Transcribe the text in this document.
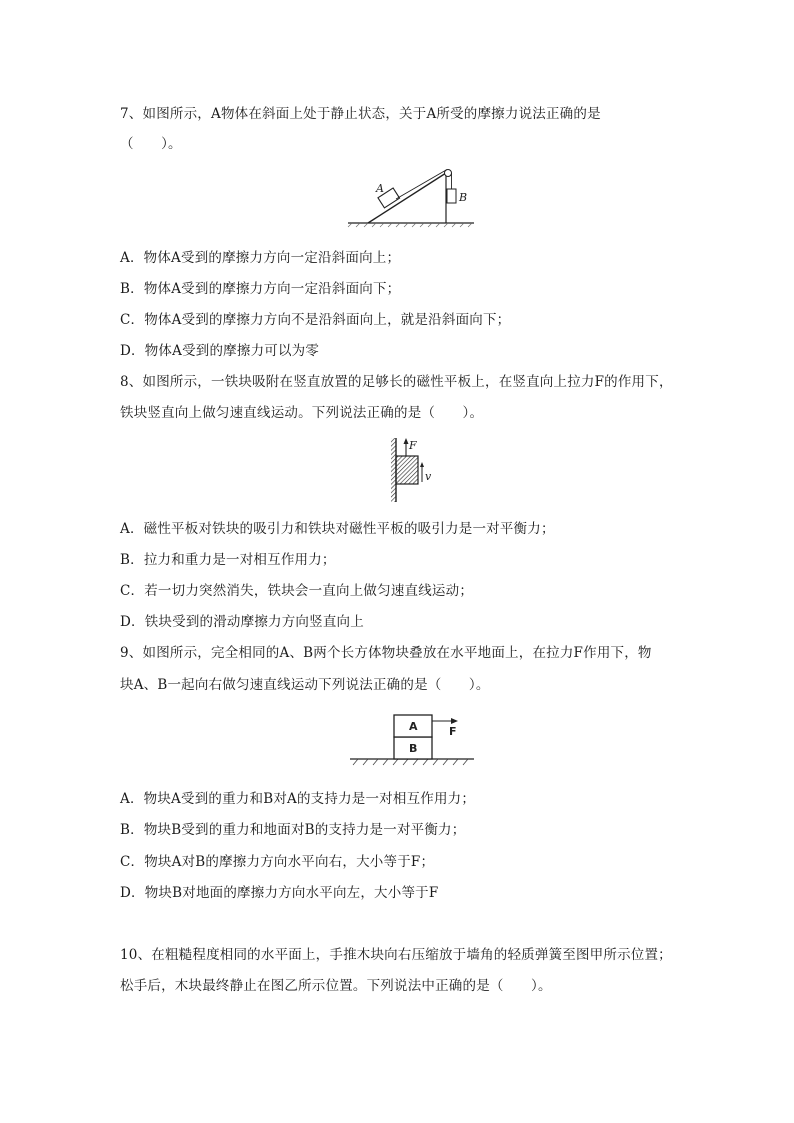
7、如图所示，A物体在斜面上处于静止状态，关于A所受的摩擦力说法正确的是
（　　）。
A
B
A．物体A受到的摩擦力方向一定沿斜面向上；
B．物体A受到的摩擦力方向一定沿斜面向下；
C．物体A受到的摩擦力方向不是沿斜面向上，就是沿斜面向下；
D．物体A受到的摩擦力可以为零
8、如图所示，一铁块吸附在竖直放置的足够长的磁性平板上，在竖直向上拉力F的作用下，
铁块竖直向上做匀速直线运动。下列说法正确的是（　　）。
F
v
A．磁性平板对铁块的吸引力和铁块对磁性平板的吸引力是一对平衡力；
B．拉力和重力是一对相互作用力；
C．若一切力突然消失，铁块会一直向上做匀速直线运动；
D．铁块受到的滑动摩擦力方向竖直向上
9、如图所示，完全相同的A、B两个长方体物块叠放在水平地面上，在拉力F作用下，物
块A、B一起向右做匀速直线运动下列说法正确的是（　　）。
A
B
F
A．物块A受到的重力和B对A的支持力是一对相互作用力；
B．物块B受到的重力和地面对B的支持力是一对平衡力；
C．物块A对B的摩擦力方向水平向右，大小等于F；
D．物块B对地面的摩擦力方向水平向左，大小等于F
10、在粗糙程度相同的水平面上，手推木块向右压缩放于墙角的轻质弹簧至图甲所示位置；
松手后，木块最终静止在图乙所示位置。下列说法中正确的是（　　）。
